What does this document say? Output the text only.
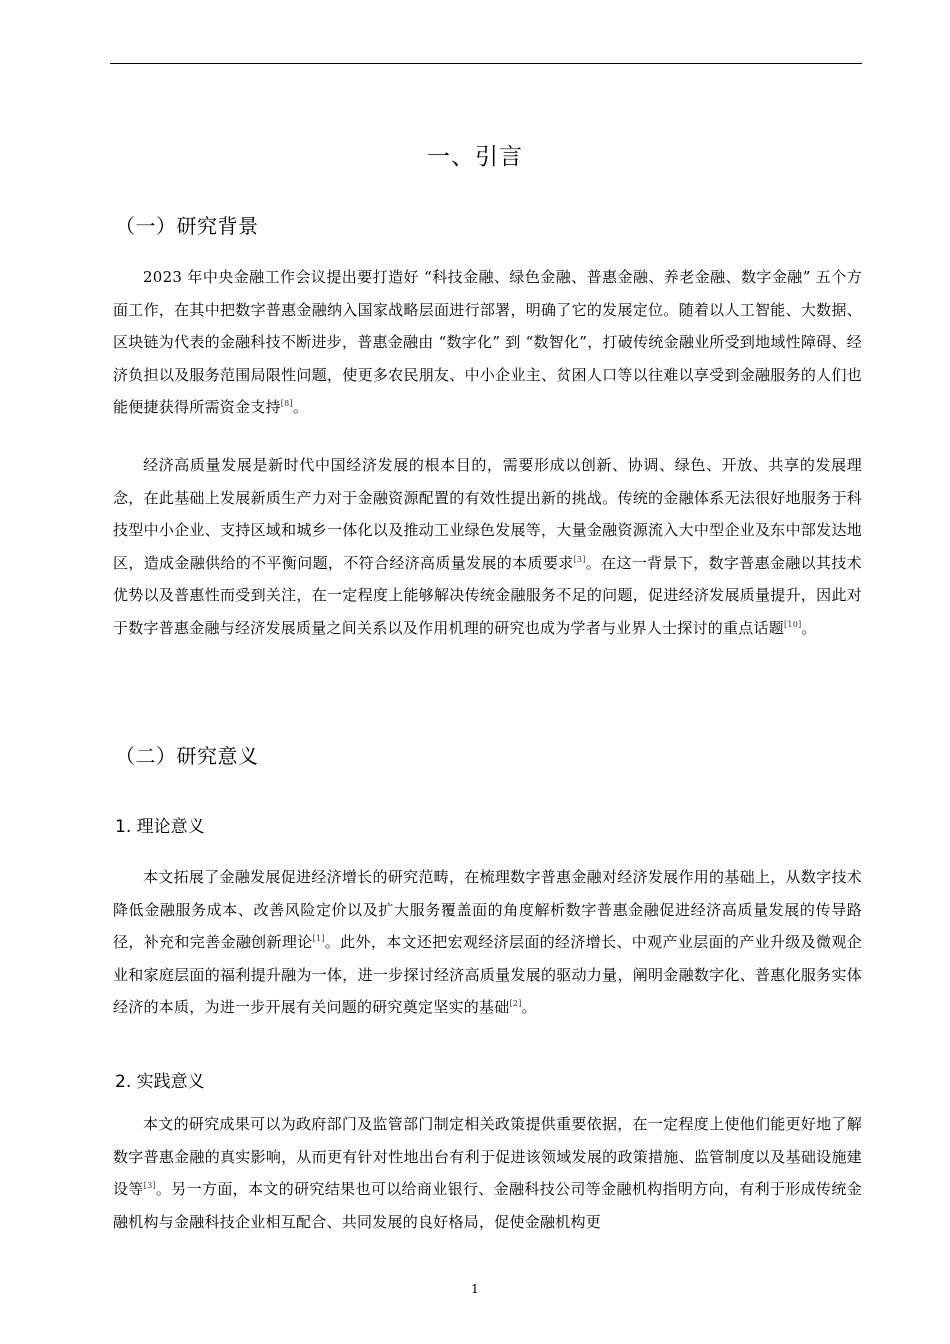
一、引言
（一）研究背景

2023 年中央金融工作会议提出要打造好 “科技金融、绿色金融、普惠金融、养老金融、数字金融” 五个方面工作，在其中把数字普惠金融纳入国家战略层面进行部署，明确了它的发展定位。随着以人工智能、大数据、区块链为代表的金融科技不断进步，普惠金融由 “数字化” 到 “数智化”，打破传统金融业所受到地域性障碍、经济负担以及服务范围局限性问题，使更多农民朋友、中小企业主、贫困人口等以往难以享受到金融服务的人们也能便捷获得所需资金支持[8]。

经济高质量发展是新时代中国经济发展的根本目的，需要形成以创新、协调、绿色、开放、共享的发展理念，在此基础上发展新质生产力对于金融资源配置的有效性提出新的挑战。传统的金融体系无法很好地服务于科技型中小企业、支持区域和城乡一体化以及推动工业绿色发展等，大量金融资源流入大中型企业及东中部发达地区，造成金融供给的不平衡问题，不符合经济高质量发展的本质要求[3]。在这一背景下，数字普惠金融以其技术优势以及普惠性而受到关注，在一定程度上能够解决传统金融服务不足的问题，促进经济发展质量提升，因此对于数字普惠金融与经济发展质量之间关系以及作用机理的研究也成为学者与业界人士探讨的重点话题[10]。

（二）研究意义
1. 理论意义

本文拓展了金融发展促进经济增长的研究范畴，在梳理数字普惠金融对经济发展作用的基础上，从数字技术降低金融服务成本、改善风险定价以及扩大服务覆盖面的角度解析数字普惠金融促进经济高质量发展的传导路径，补充和完善金融创新理论[1]。此外，本文还把宏观经济层面的经济增长、中观产业层面的产业升级及微观企业和家庭层面的福利提升融为一体，进一步探讨经济高质量发展的驱动力量，阐明金融数字化、普惠化服务实体经济的本质，为进一步开展有关问题的研究奠定坚实的基础[2]。

2. 实践意义

本文的研究成果可以为政府部门及监管部门制定相关政策提供重要依据，在一定程度上使他们能更好地了解数字普惠金融的真实影响，从而更有针对性地出台有利于促进该领域发展的政策措施、监管制度以及基础设施建设等[3]。另一方面，本文的研究结果也可以给商业银行、金融科技公司等金融机构指明方向，有利于形成传统金融机构与金融科技企业相互配合、共同发展的良好格局，促使金融机构更

1
